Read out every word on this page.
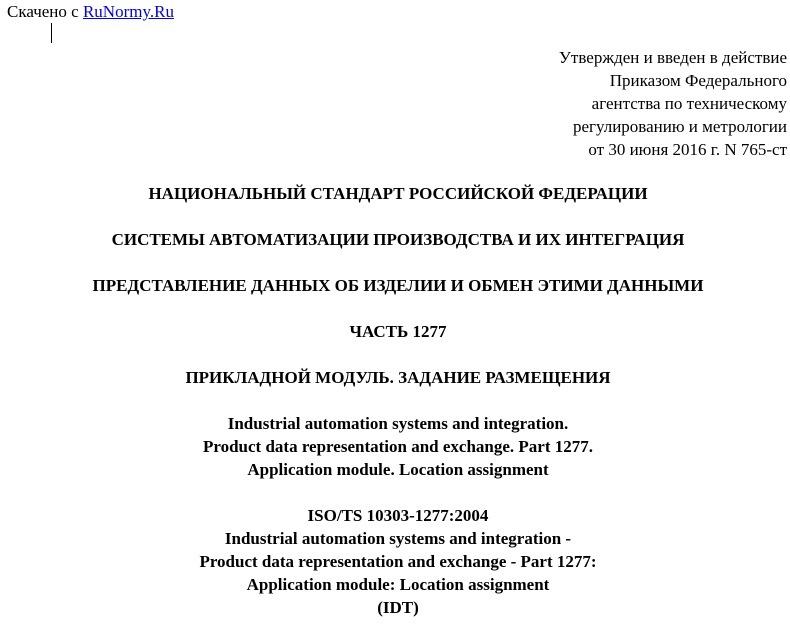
Скачено с RuNormy.Ru
Утвержден и введен в действие
Приказом Федерального
агентства по техническому
регулированию и метрологии
от 30 июня 2016 г. N 765-ст
НАЦИОНАЛЬНЫЙ СТАНДАРТ РОССИЙСКОЙ ФЕДЕРАЦИИ
СИСТЕМЫ АВТОМАТИЗАЦИИ ПРОИЗВОДСТВА И ИХ ИНТЕГРАЦИЯ
ПРЕДСТАВЛЕНИЕ ДАННЫХ ОБ ИЗДЕЛИИ И ОБМЕН ЭТИМИ ДАННЫМИ
ЧАСТЬ 1277
ПРИКЛАДНОЙ МОДУЛЬ. ЗАДАНИЕ РАЗМЕЩЕНИЯ
Industrial automation systems and integration.
Product data representation and exchange. Part 1277.
Application module. Location assignment
ISO/TS 10303-1277:2004
Industrial automation systems and integration -
Product data representation and exchange - Part 1277:
Application module: Location assignment
(IDT)
